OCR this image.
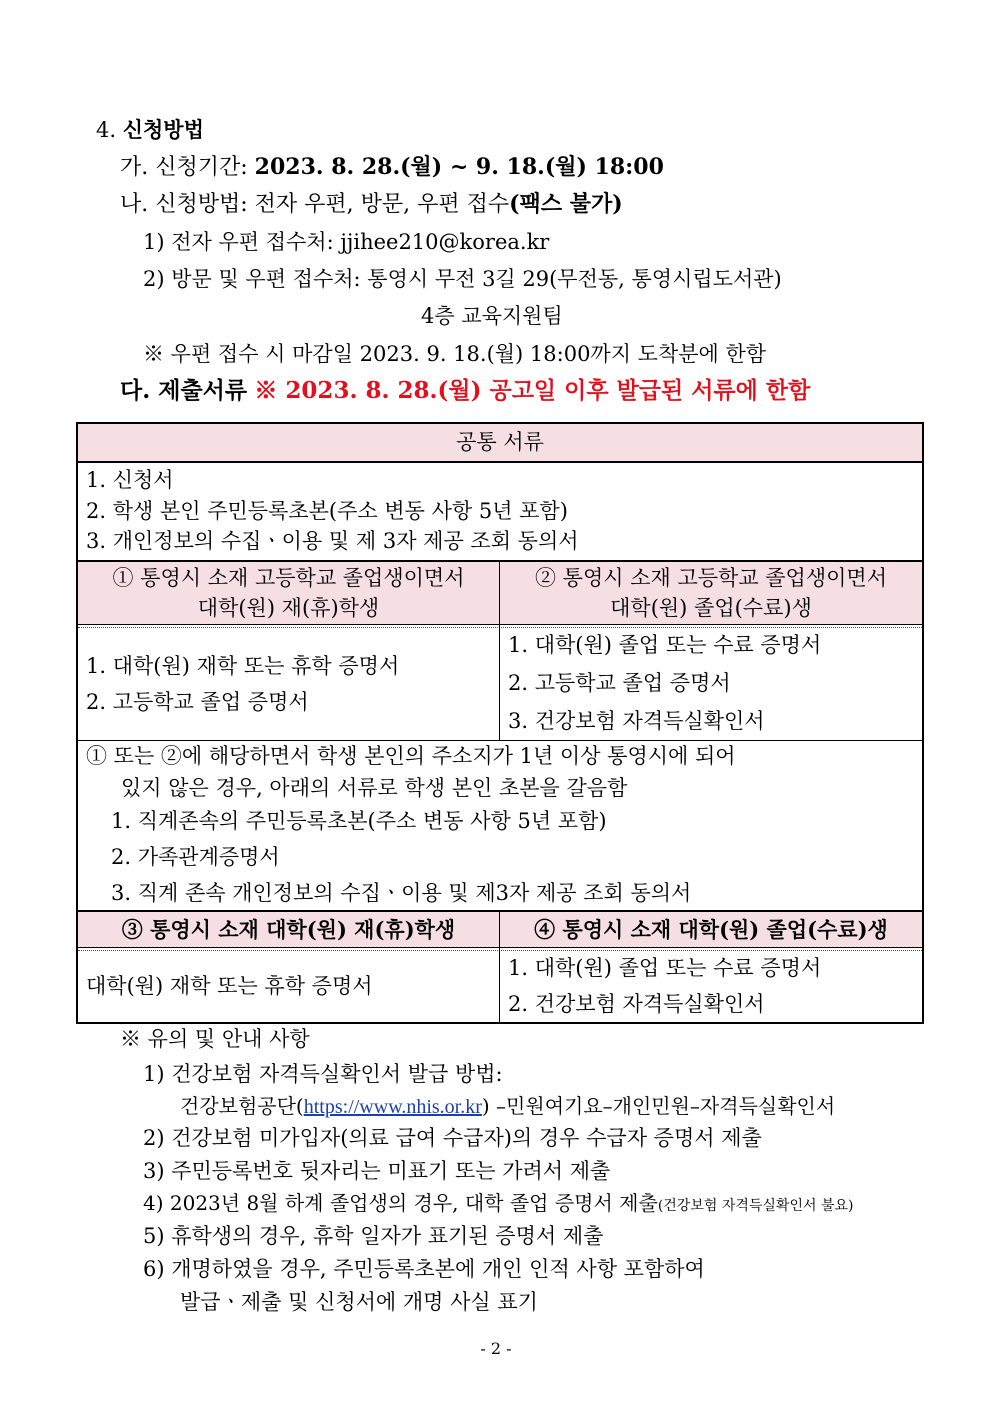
4. 신청방법
가. 신청기간: 2023. 8. 28.(월) ~ 9. 18.(월) 18:00
나. 신청방법: 전자 우편, 방문, 우편 접수(팩스 불가)
1) 전자 우편 접수처: jjihee210@korea.kr
2) 방문 및 우편 접수처: 통영시 무전 3길 29(무전동, 통영시립도서관)
4층 교육지원팀
※ 우편 접수 시 마감일 2023. 9. 18.(월) 18:00까지 도착분에 한함
다. 제출서류 ※ 2023. 8. 28.(월) 공고일 이후 발급된 서류에 한함
공통 서류
1. 신청서
2. 학생 본인 주민등록초본(주소 변동 사항 5년 포함)
3. 개인정보의 수집ㆍ이용 및 제 3자 제공 조회 동의서
① 통영시 소재 고등학교 졸업생이면서
대학(원) 재(휴)학생
② 통영시 소재 고등학교 졸업생이면서
대학(원) 졸업(수료)생
1. 대학(원) 재학 또는 휴학 증명서
2. 고등학교 졸업 증명서
1. 대학(원) 졸업 또는 수료 증명서
2. 고등학교 졸업 증명서
3. 건강보험 자격득실확인서
① 또는 ②에 해당하면서 학생 본인의 주소지가 1년 이상 통영시에 되어
있지 않은 경우, 아래의 서류로 학생 본인 초본을 갈음함
1. 직계존속의 주민등록초본(주소 변동 사항 5년 포함)
2. 가족관계증명서
3. 직계 존속 개인정보의 수집ㆍ이용 및 제3자 제공 조회 동의서
③ 통영시 소재 대학(원) 재(휴)학생	④ 통영시 소재 대학(원) 졸업(수료)생
대학(원) 재학 또는 휴학 증명서
1. 대학(원) 졸업 또는 수료 증명서
2. 건강보험 자격득실확인서
※ 유의 및 안내 사항
1) 건강보험 자격득실확인서 발급 방법:
건강보험공단(https://www.nhis.or.kr) –민원여기요–개인민원–자격득실확인서
2) 건강보험 미가입자(의료 급여 수급자)의 경우 수급자 증명서 제출
3) 주민등록번호 뒷자리는 미표기 또는 가려서 제출
4) 2023년 8월 하계 졸업생의 경우, 대학 졸업 증명서 제출(건강보험 자격득실확인서 불요)
5) 휴학생의 경우, 휴학 일자가 표기된 증명서 제출
6) 개명하였을 경우, 주민등록초본에 개인 인적 사항 포함하여
발급ㆍ제출 및 신청서에 개명 사실 표기
- 2 -
